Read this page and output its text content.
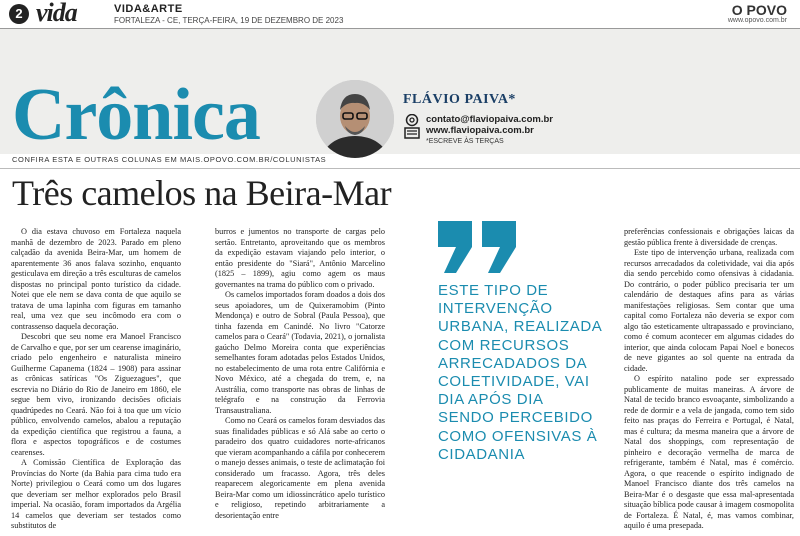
2 vida	VIDA&ARTE
FORTALEZA - CE, TERÇA-FEIRA, 19 DE DEZEMBRO DE 2023
O POVO
www.opovo.com.br
Crônica	FLÁVIO PAIVA*
contato@flaviopaiva.com.br
www.flaviopaiva.com.br
*ESCREVE ÀS TERÇAS
CONFIRA ESTA E OUTRAS COLUNAS EM MAIS.OPOVO.COM.BR/COLUNISTAS
Três camelos na Beira-Mar

O dia estava chuvoso em Fortaleza naquela manhã de dezembro de 2023. Parado em pleno calçadão da avenida Beira-Mar, um homem de aparentemente 36 anos falava sozinho, enquanto gesticulava em direção a três esculturas de camelos dispostas no principal ponto turístico da cidade. Notei que ele nem se dava conta de que aquilo se tratava de uma lapinha com figuras em tamanho real, uma vez que seu incômodo era com o contrassenso daquela decoração.

Descobri que seu nome era Manoel Francisco de Carvalho e que, por ser um cearense imaginário, criado pelo engenheiro e naturalista mineiro Guilherme Capanema (1824 – 1908) para assinar as crônicas satíricas "Os Ziguezagues", que escrevia no Diário do Rio de Janeiro em 1860, ele segue bem vivo, ironizando decisões oficiais quadrúpedes no Ceará. Não foi à toa que um vício público, envolvendo camelos, abalou a reputação da expedição científica que registrou a fauna, a flora e aspectos topográficos e de costumes cearenses.

A Comissão Científica de Exploração das Províncias do Norte (da Bahia para cima tudo era Norte) privilegiou o Ceará como um dos lugares que deveriam ser melhor explorados pelo Brasil imperial. Na ocasião, foram importados da Argélia 14 camelos que deveriam ser testados como substitutos de

burros e jumentos no transporte de cargas pelo sertão. Entretanto, aproveitando que os membros da expedição estavam viajando pelo interior, o então presidente do "Siará", Antônio Marcelino (1825 – 1899), agiu como agem os maus governantes na trama do público com o privado.

Os camelos importados foram doados a dois dos seus apoiadores, um de Quixeramobim (Pinto Mendonça) e outro de Sobral (Paula Pessoa), que tinha fazenda em Canindé. No livro "Catorze camelos para o Ceará" (Todavia, 2021), o jornalista gaúcho Delmo Moreira conta que experiências semelhantes foram adotadas pelos Estados Unidos, no estabelecimento de uma rota entre Califórnia e Novo México, até a chegada do trem, e, na Austrália, como transporte nas obras de linhas de telégrafo e na construção da Ferrovia Transaustraliana.

Como no Ceará os camelos foram desviados das suas finalidades públicas e só Alá sabe ao certo o paradeiro dos quatro cuidadores norte-africanos que vieram acompanhando a cáfila por conhecerem o manejo desses animais, o teste de aclimatação foi considerado um fracasso. Agora, três deles reaparecem alegoricamente em plena avenida Beira-Mar como um idiossincrático apelo turístico e religioso, repetindo arbitrariamente a desorientação entre

ESTE TIPO DE INTERVENÇÃO URBANA, REALIZADA COM RECURSOS ARRECADADOS DA COLETIVIDADE, VAI DIA APÓS DIA SENDO PERCEBIDO COMO OFENSIVAS À CIDADANIA

preferências confessionais e obrigações laicas da gestão pública frente à diversidade de crenças.

Este tipo de intervenção urbana, realizada com recursos arrecadados da coletividade, vai dia após dia sendo percebido como ofensivas à cidadania. Do contrário, o poder público precisaria ter um calendário de destaques afins para as várias manifestações religiosas. Sem contar que uma capital como Fortaleza não deveria se expor com algo tão esteticamente ultrapassado e provinciano, como é comum acontecer em algumas cidades do interior, que ainda colocam Papai Noel e bonecos de neve gigantes ao sol quente na entrada da cidade.

O espírito natalino pode ser expressado publicamente de muitas maneiras. A árvore de Natal de tecido branco esvoaçante, simbolizando a rede de dormir e a vela de jangada, como tem sido feito nas praças do Ferreira e Portugal, é Natal, mas é cultura; da mesma maneira que a árvore de Natal dos shoppings, com representação de pinheiro e decoração vermelha de marca de refrigerante, também é Natal, mas é comércio. Agora, o que reacende o espírito indignado de Manoel Francisco diante dos três camelos na Beira-Mar é o desgaste que essa mal-apresentada situação bíblica pode causar à imagem cosmopolita de Fortaleza. É Natal, é, mas vamos combinar, aquilo é uma presepada.
